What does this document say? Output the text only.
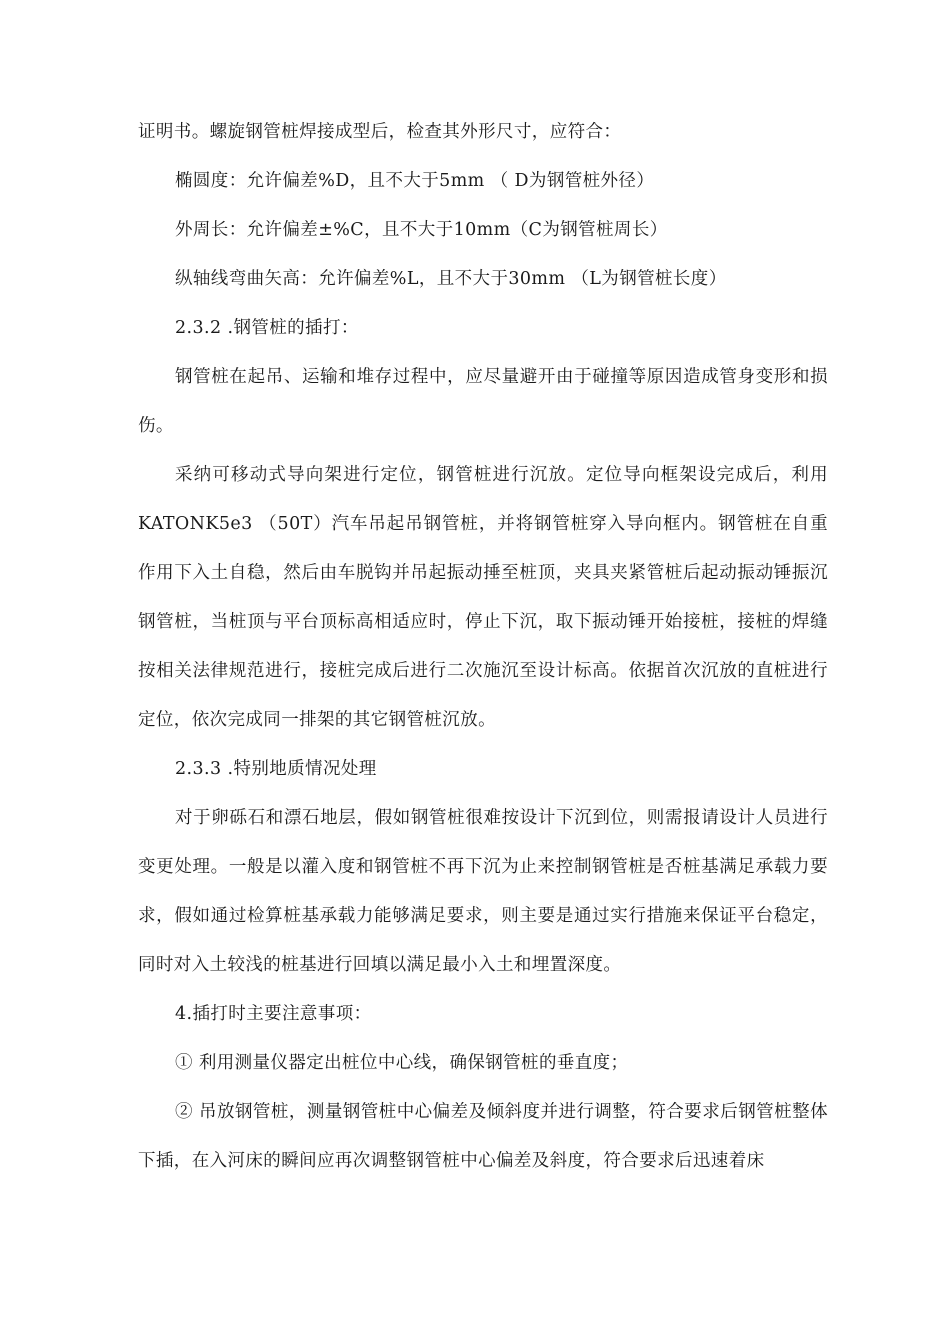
证明书。螺旋钢管桩焊接成型后，检查其外形尺寸，应符合：

椭圆度：允许偏差%D，且不大于5mm （ D为钢管桩外径）

外周长：允许偏差±%C，且不大于10mm（C为钢管桩周长）

纵轴线弯曲矢高：允许偏差%L，且不大于30mm （L为钢管桩长度）

2.3.2 .钢管桩的插打：

钢管桩在起吊、运输和堆存过程中，应尽量避开由于碰撞等原因造成管身变形和损伤。

采纳可移动式导向架进行定位，钢管桩进行沉放。定位导向框架设完成后，利用KATONK5e3 （50T）汽车吊起吊钢管桩，并将钢管桩穿入导向框内。钢管桩在自重作用下入土自稳，然后由车脱钩并吊起振动捶至桩顶，夹具夹紧管桩后起动振动锤振沉钢管桩，当桩顶与平台顶标高相适应时，停止下沉，取下振动锤开始接桩，接桩的焊缝按相关法律规范进行，接桩完成后进行二次施沉至设计标高。依据首次沉放的直桩进行定位，依次完成同一排架的其它钢管桩沉放。

2.3.3 .特别地质情况处理

对于卵砾石和漂石地层，假如钢管桩很难按设计下沉到位，则需报请设计人员进行变更处理。一般是以灌入度和钢管桩不再下沉为止来控制钢管桩是否桩基满足承载力要求，假如通过检算桩基承载力能够满足要求，则主要是通过实行措施来保证平台稳定，同时对入土较浅的桩基进行回填以满足最小入土和埋置深度。

4.插打时主要注意事项：

① 利用测量仪器定出桩位中心线，确保钢管桩的垂直度；

② 吊放钢管桩，测量钢管桩中心偏差及倾斜度并进行调整，符合要求后钢管桩整体下插，在入河床的瞬间应再次调整钢管桩中心偏差及斜度，符合要求后迅速着床
